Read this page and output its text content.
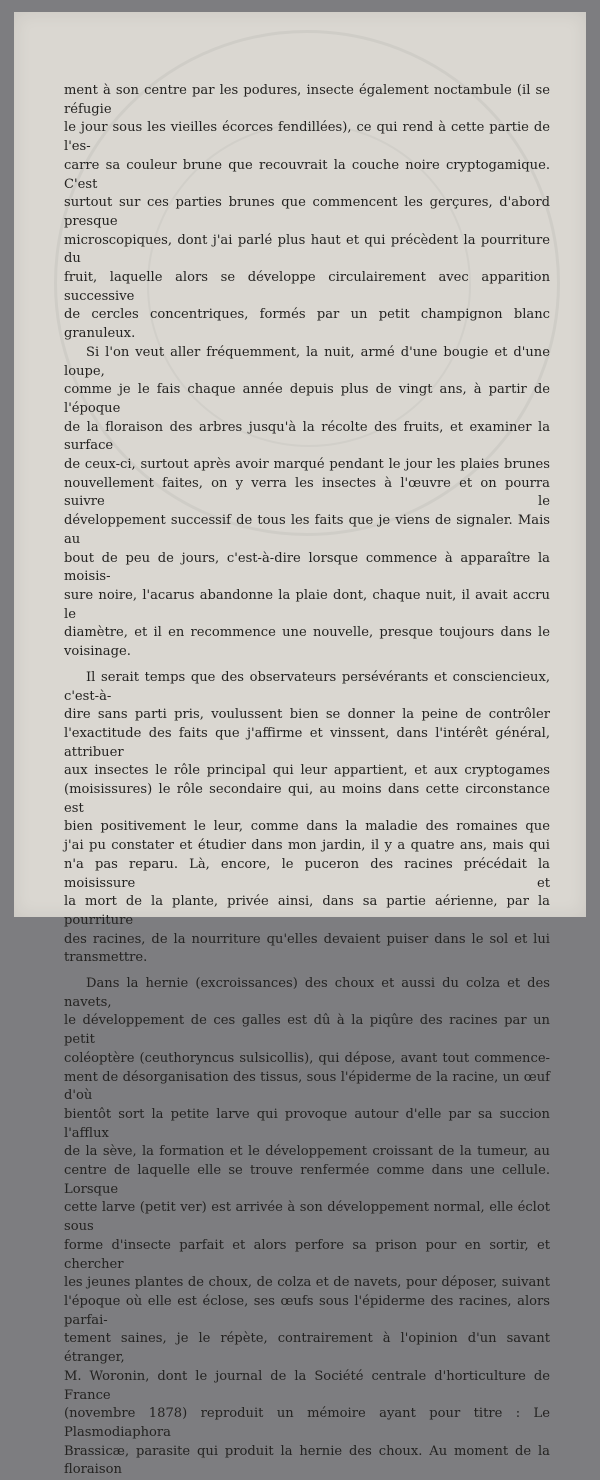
ment à son centre par les podures, insecte également noctambule (il se réfugie

le jour sous les vieilles écorces fendillées), ce qui rend à cette partie de l'es-

carre sa couleur brune que recouvrait la couche noire cryptogamique. C'est

surtout sur ces parties brunes que commencent les gerçures, d'abord presque

microscopiques, dont j'ai parlé plus haut et qui précèdent la pourriture du

fruit, laquelle alors se développe circulairement avec apparition successive

de cercles concentriques, formés par un petit champignon blanc granuleux.

Si l'on veut aller fréquemment, la nuit, armé d'une bougie et d'une loupe,

comme je le fais chaque année depuis plus de vingt ans, à partir de l'époque

de la floraison des arbres jusqu'à la récolte des fruits, et examiner la surface

de ceux-ci, surtout après avoir marqué pendant le jour les plaies brunes

nouvellement faites, on y verra les insectes à l'œuvre et on pourra suivre le

développement successif de tous les faits que je viens de signaler. Mais au

bout de peu de jours, c'est-à-dire lorsque commence à apparaître la moisis-

sure noire, l'acarus abandonne la plaie dont, chaque nuit, il avait accru le

diamètre, et il en recommence une nouvelle, presque toujours dans le

voisinage.

Il serait temps que des observateurs persévérants et consciencieux, c'est-à-

dire sans parti pris, voulussent bien se donner la peine de contrôler

l'exactitude des faits que j'affirme et vinssent, dans l'intérêt général, attribuer

aux insectes le rôle principal qui leur appartient, et aux cryptogames

(moisissures) le rôle secondaire qui, au moins dans cette circonstance est

bien positivement le leur, comme dans la maladie des romaines que

j'ai pu constater et étudier dans mon jardin, il y a quatre ans, mais qui

n'a pas reparu. Là, encore, le puceron des racines précédait la moisissure et

la mort de la plante, privée ainsi, dans sa partie aérienne, par la pourriture

des racines, de la nourriture qu'elles devaient puiser dans le sol et lui

transmettre.

Dans la hernie (excroissances) des choux et aussi du colza et des navets,

le développement de ces galles est dû à la piqûre des racines par un petit

coléoptère (ceuthoryncus sulsicollis), qui dépose, avant tout commence-

ment de désorganisation des tissus, sous l'épiderme de la racine, un œuf d'où

bientôt sort la petite larve qui provoque autour d'elle par sa succion l'afflux

de la sève, la formation et le développement croissant de la tumeur, au

centre de laquelle elle se trouve renfermée comme dans une cellule. Lorsque

cette larve (petit ver) est arrivée à son développement normal, elle éclot sous

forme d'insecte parfait et alors perfore sa prison pour en sortir, et chercher

les jeunes plantes de choux, de colza et de navets, pour déposer, suivant

l'époque où elle est éclose, ses œufs sous l'épiderme des racines, alors parfai-

tement saines, je le répète, contrairement à l'opinion d'un savant étranger,

M. Woronin, dont le journal de la Société centrale d'horticulture de France

(novembre 1878) reproduit un mémoire ayant pour titre : Le Plasmodiaphora

Brassicæ, parasite qui produit la hernie des choux. Au moment de la floraison
